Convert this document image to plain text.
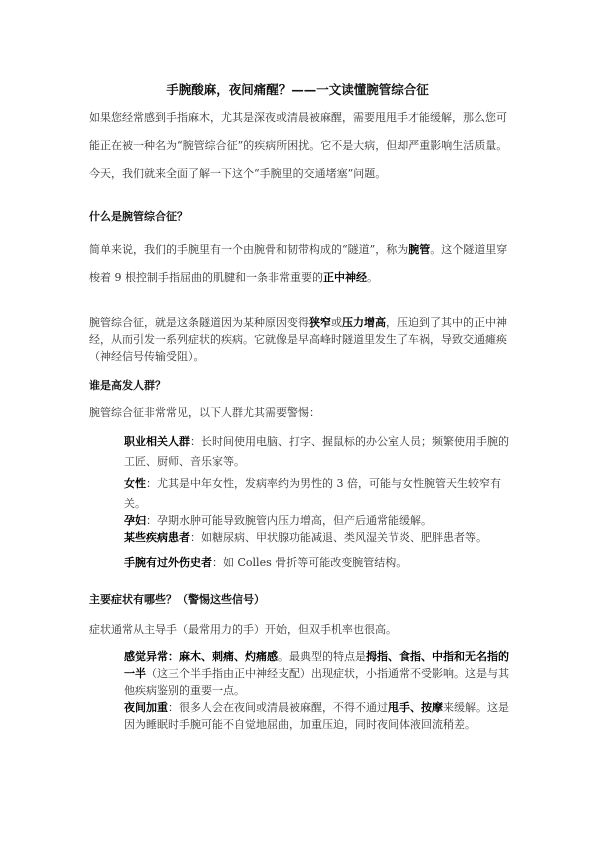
手腕酸麻，夜间痛醒？——一文读懂腕管综合征

如果您经常感到手指麻木，尤其是深夜或清晨被麻醒，需要甩甩手才能缓解，那么您可能正在被一种名为“腕管综合征”的疾病所困扰。它不是大病，但却严重影响生活质量。今天，我们就来全面了解一下这个“手腕里的交通堵塞”问题。

什么是腕管综合征？

简单来说，我们的手腕里有一个由腕骨和韧带构成的“隧道”，称为腕管。这个隧道里穿梭着 9 根控制手指屈曲的肌腱和一条非常重要的正中神经。

腕管综合征，就是这条隧道因为某种原因变得狭窄或压力增高，压迫到了其中的正中神经，从而引发一系列症状的疾病。它就像是早高峰时隧道里发生了车祸，导致交通瘫痪（神经信号传输受阻）。

谁是高发人群？

腕管综合征非常常见，以下人群尤其需要警惕：

职业相关人群：长时间使用电脑、打字、握鼠标的办公室人员；频繁使用手腕的工匠、厨师、音乐家等。

女性：尤其是中年女性，发病率约为男性的 3 倍，可能与女性腕管天生较窄有关。

孕妇：孕期水肿可能导致腕管内压力增高，但产后通常能缓解。

某些疾病患者：如糖尿病、甲状腺功能减退、类风湿关节炎、肥胖患者等。

手腕有过外伤史者：如 Colles 骨折等可能改变腕管结构。

主要症状有哪些？（警惕这些信号）

症状通常从主导手（最常用力的手）开始，但双手机率也很高。

感觉异常：麻木、刺痛、灼痛感。最典型的特点是拇指、食指、中指和无名指的一半（这三个半手指由正中神经支配）出现症状，小指通常不受影响。这是与其他疾病鉴别的重要一点。

夜间加重：很多人会在夜间或清晨被麻醒，不得不通过甩手、按摩来缓解。这是因为睡眠时手腕可能不自觉地屈曲，加重压迫，同时夜间体液回流稍差。
